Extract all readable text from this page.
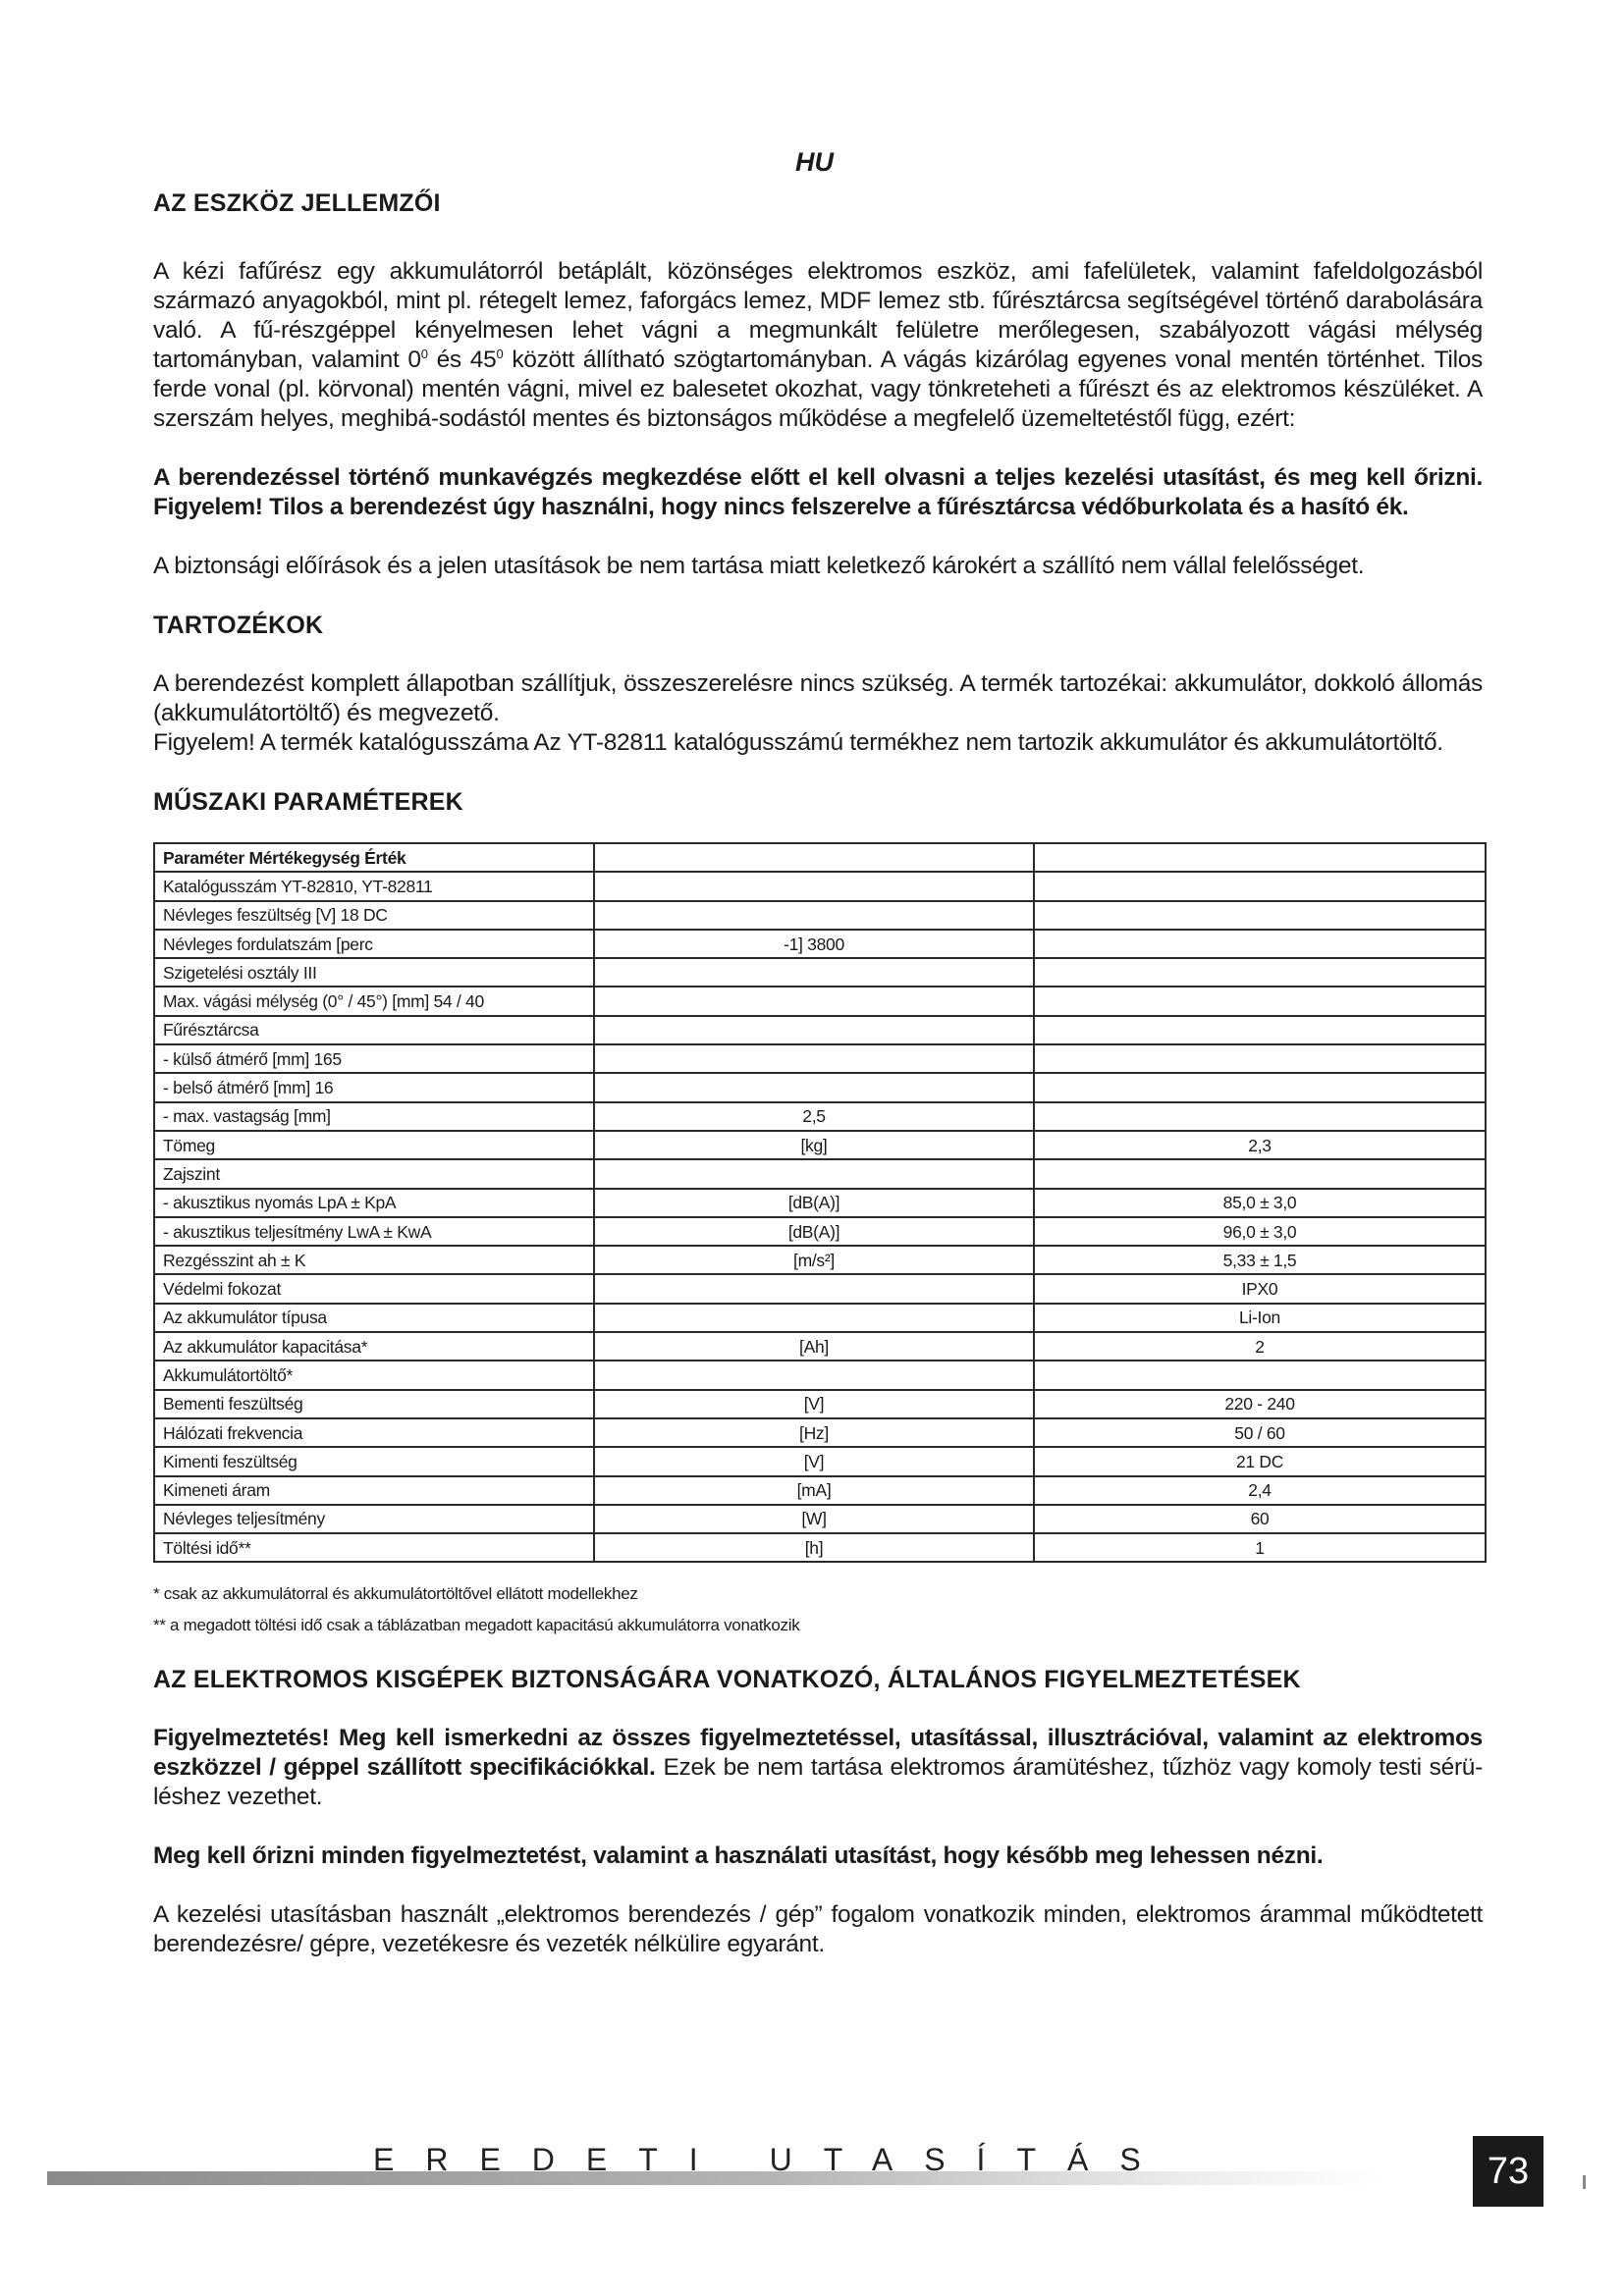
HU
AZ ESZKÖZ JELLEMZŐI

A kézi fafűrész egy akkumulátorról betáplált, közönséges elektromos eszköz, ami fafelületek, valamint fafeldolgozásból származó anyagokból, mint pl. rétegelt lemez, faforgács lemez, MDF lemez stb. fűrésztárcsa segítségével történő darabolására való. A fű-részgéppel kényelmesen lehet vágni a megmunkált felületre merőlegesen, szabályozott vágási mélység tartományban, valamint $0^0$ és $45^0$ között állítható szögtartományban. A vágás kizárólag egyenes vonal mentén történhet. Tilos ferde vonal (pl. körvonal) mentén vágni, mivel ez balesetet okozhat, vagy tönkreteheti a fűrészt és az elektromos készüléket. A szerszám helyes, meghibá-sodástól mentes és biztonságos működése a megfelelő üzemeltetéstől függ, ezért:

A berendezéssel történő munkavégzés megkezdése előtt el kell olvasni a teljes kezelési utasítást, és meg kell őrizni. Figyelem! Tilos a berendezést úgy használni, hogy nincs felszerelve a fűrésztárcsa védőburkolata és a hasító ék.

A biztonsági előírások és a jelen utasítások be nem tartása miatt keletkező károkért a szállító nem vállal felelősséget.

TARTOZÉKOK

A berendezést komplett állapotban szállítjuk, összeszerelésre nincs szükség. A termék tartozékai: akkumulátor, dokkoló állomás (akkumulátortöltő) és megvezető.

Figyelem! A termék katalógusszáma Az YT-82811 katalógusszámú termékhez nem tartozik akkumulátor és akkumulátortöltő.

MŰSZAKI PARAMÉTEREK
Paraméter Mértékegység Érték		
Katalógusszám YT-82810, YT-82811		
Névleges feszültség [V] 18 DC		
Névleges fordulatszám [perc	-1] 3800	
Szigetelési osztály III		
Max. vágási mélység (0° / 45°) [mm] 54 / 40		
Fűrésztárcsa		
- külső átmérő [mm] 165		
- belső átmérő [mm] 16		
- max. vastagság [mm]	2,5	
Tömeg	[kg]	2,3
Zajszint		
- akusztikus nyomás LpA ± KpA	[dB(A)]	85,0 ± 3,0
- akusztikus teljesítmény LwA ± KwA	[dB(A)]	96,0 ± 3,0
Rezgésszint ah ± K	[m/s²]	5,33 ± 1,5
Védelmi fokozat		IPX0
Az akkumulátor típusa		Li-Ion
Az akkumulátor kapacitása*	[Ah]	2
Akkumulátortöltő*		
Bementi feszültség	[V]	220 - 240
Hálózati frekvencia	[Hz]	50 / 60
Kimenti feszültség	[V]	21 DC
Kimeneti áram	[mA]	2,4
Névleges teljesítmény	[W]	60
Töltési idő**	[h]	1

* csak az akkumulátorral és akkumulátortöltővel ellátott modellekhez

** a megadott töltési idő csak a táblázatban megadott kapacitású akkumulátorra vonatkozik

AZ ELEKTROMOS KISGÉPEK BIZTONSÁGÁRA VONATKOZÓ, ÁLTALÁNOS FIGYELMEZTETÉSEK

Figyelmeztetés! Meg kell ismerkedni az összes figyelmeztetéssel, utasítással, illusztrációval, valamint az elektromos eszközzel / géppel szállított specifikációkkal. Ezek be nem tartása elektromos áramütéshez, tűzhöz vagy komoly testi sérü-léshez vezethet.

Meg kell őrizni minden figyelmeztetést, valamint a használati utasítást, hogy később meg lehessen nézni.

A kezelési utasításban használt „elektromos berendezés / gép” fogalom vonatkozik minden, elektromos árammal működtetett berendezésre/ gépre, vezetékesre és vezeték nélkülire egyaránt.

EREDETI UTASÍTÁS	73
